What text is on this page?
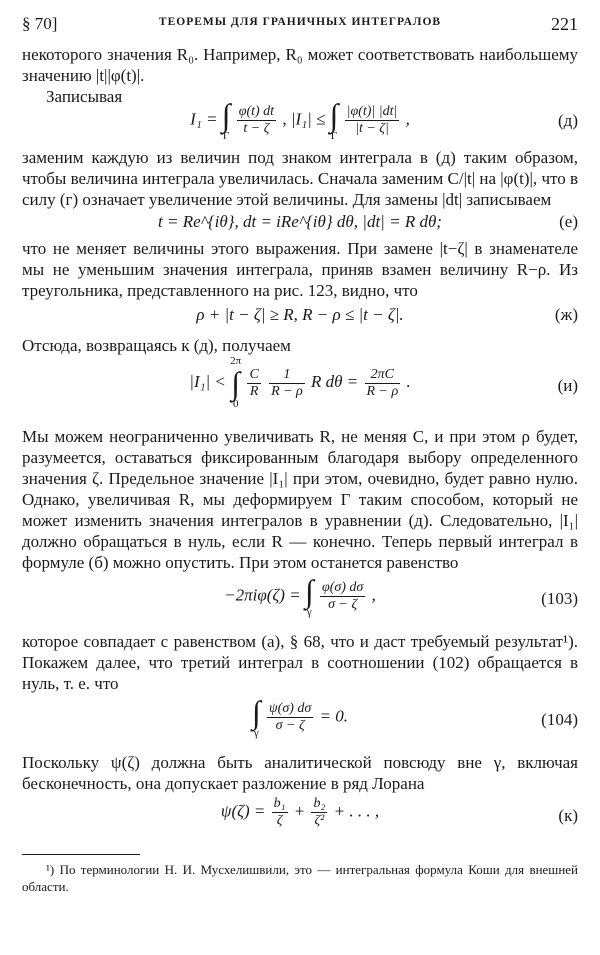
§ 70]	ТЕОРЕМЫ ДЛЯ ГРАНИЧНЫХ ИНТЕГРАЛОВ	221

некоторого значения R₀. Например, R₀ может соответствовать наибольшему значению |t||φ(t)|.

Записывая

I₁ = ∫
Γ
$\frac{\varphi(t) dt}{t - \zeta}$ , |I₁| ≤ ∫
Γ
$\frac{|\varphi(t)| |dt|}{|t - \zeta|}$ ,	(д)

заменим каждую из величин под знаком интеграла в (д) таким образом, чтобы величина интеграла увеличилась. Сначала заменим C/|t| на |φ(t)|, что в силу (г) означает увеличение этой величины. Для замены |dt| записываем

t = Re^{iθ}, dt = iRe^{iθ} dθ, |dt| = R dθ;	(е)

что не меняет величины этого выражения. При замене |t−ζ| в знаменателе мы не уменьшим значения интеграла, приняв взамен величину R−ρ. Из треугольника, представленного на рис. 123, видно, что

ρ + |t − ζ| ≥ R, R − ρ ≤ |t − ζ|.	(ж)

Отсюда, возвращаясь к (д), получаем

|I₁| <
2π
∫
0

$\frac{C}{R}$
$\frac{1}{R - \rho}$ R $d\theta = \frac{2\pi C}{R - \rho}$ .	(и)

Мы можем неограниченно увеличивать R, не меняя C, и при этом ρ будет, разумеется, оставаться фиксированным благодаря выбору определенного значения ζ. Предельное значение |I₁| при этом, очевидно, будет равно нулю. Однако, увеличивая R, мы деформируем Γ таким способом, который не может изменить значения интегралов в уравнении (д). Следовательно, |I₁| должно обращаться в нуль, если R — конечно. Теперь первый интеграл в формуле (б) можно опустить. При этом останется равенство

−2πiφ(ζ) = ∫
γ
$\frac{\varphi(\sigma) d\sigma}{\sigma - \zeta}$ ,	(103)

которое совпадает с равенством (а), § 68, что и даст требуемый результат¹). Покажем далее, что третий интеграл в соотношении (102) обращается в нуль, т. е. что

∫
γ
$\frac{\psi(\sigma) d\sigma}{\sigma - \zeta} = 0$.	(104)

Поскольку ψ(ζ) должна быть аналитической повсюду вне γ, включая бесконечность, она допускает разложение в ряд Лорана

$\psi(\zeta) = \frac{\text{b₁}}{\zeta} + \frac{\text{b₂}}{\text{ζ²}}$ + . . . ,	(к)

¹) По терминологии Н. И. Мусхелишвили, это — интегральная формула Коши для внешней области.
